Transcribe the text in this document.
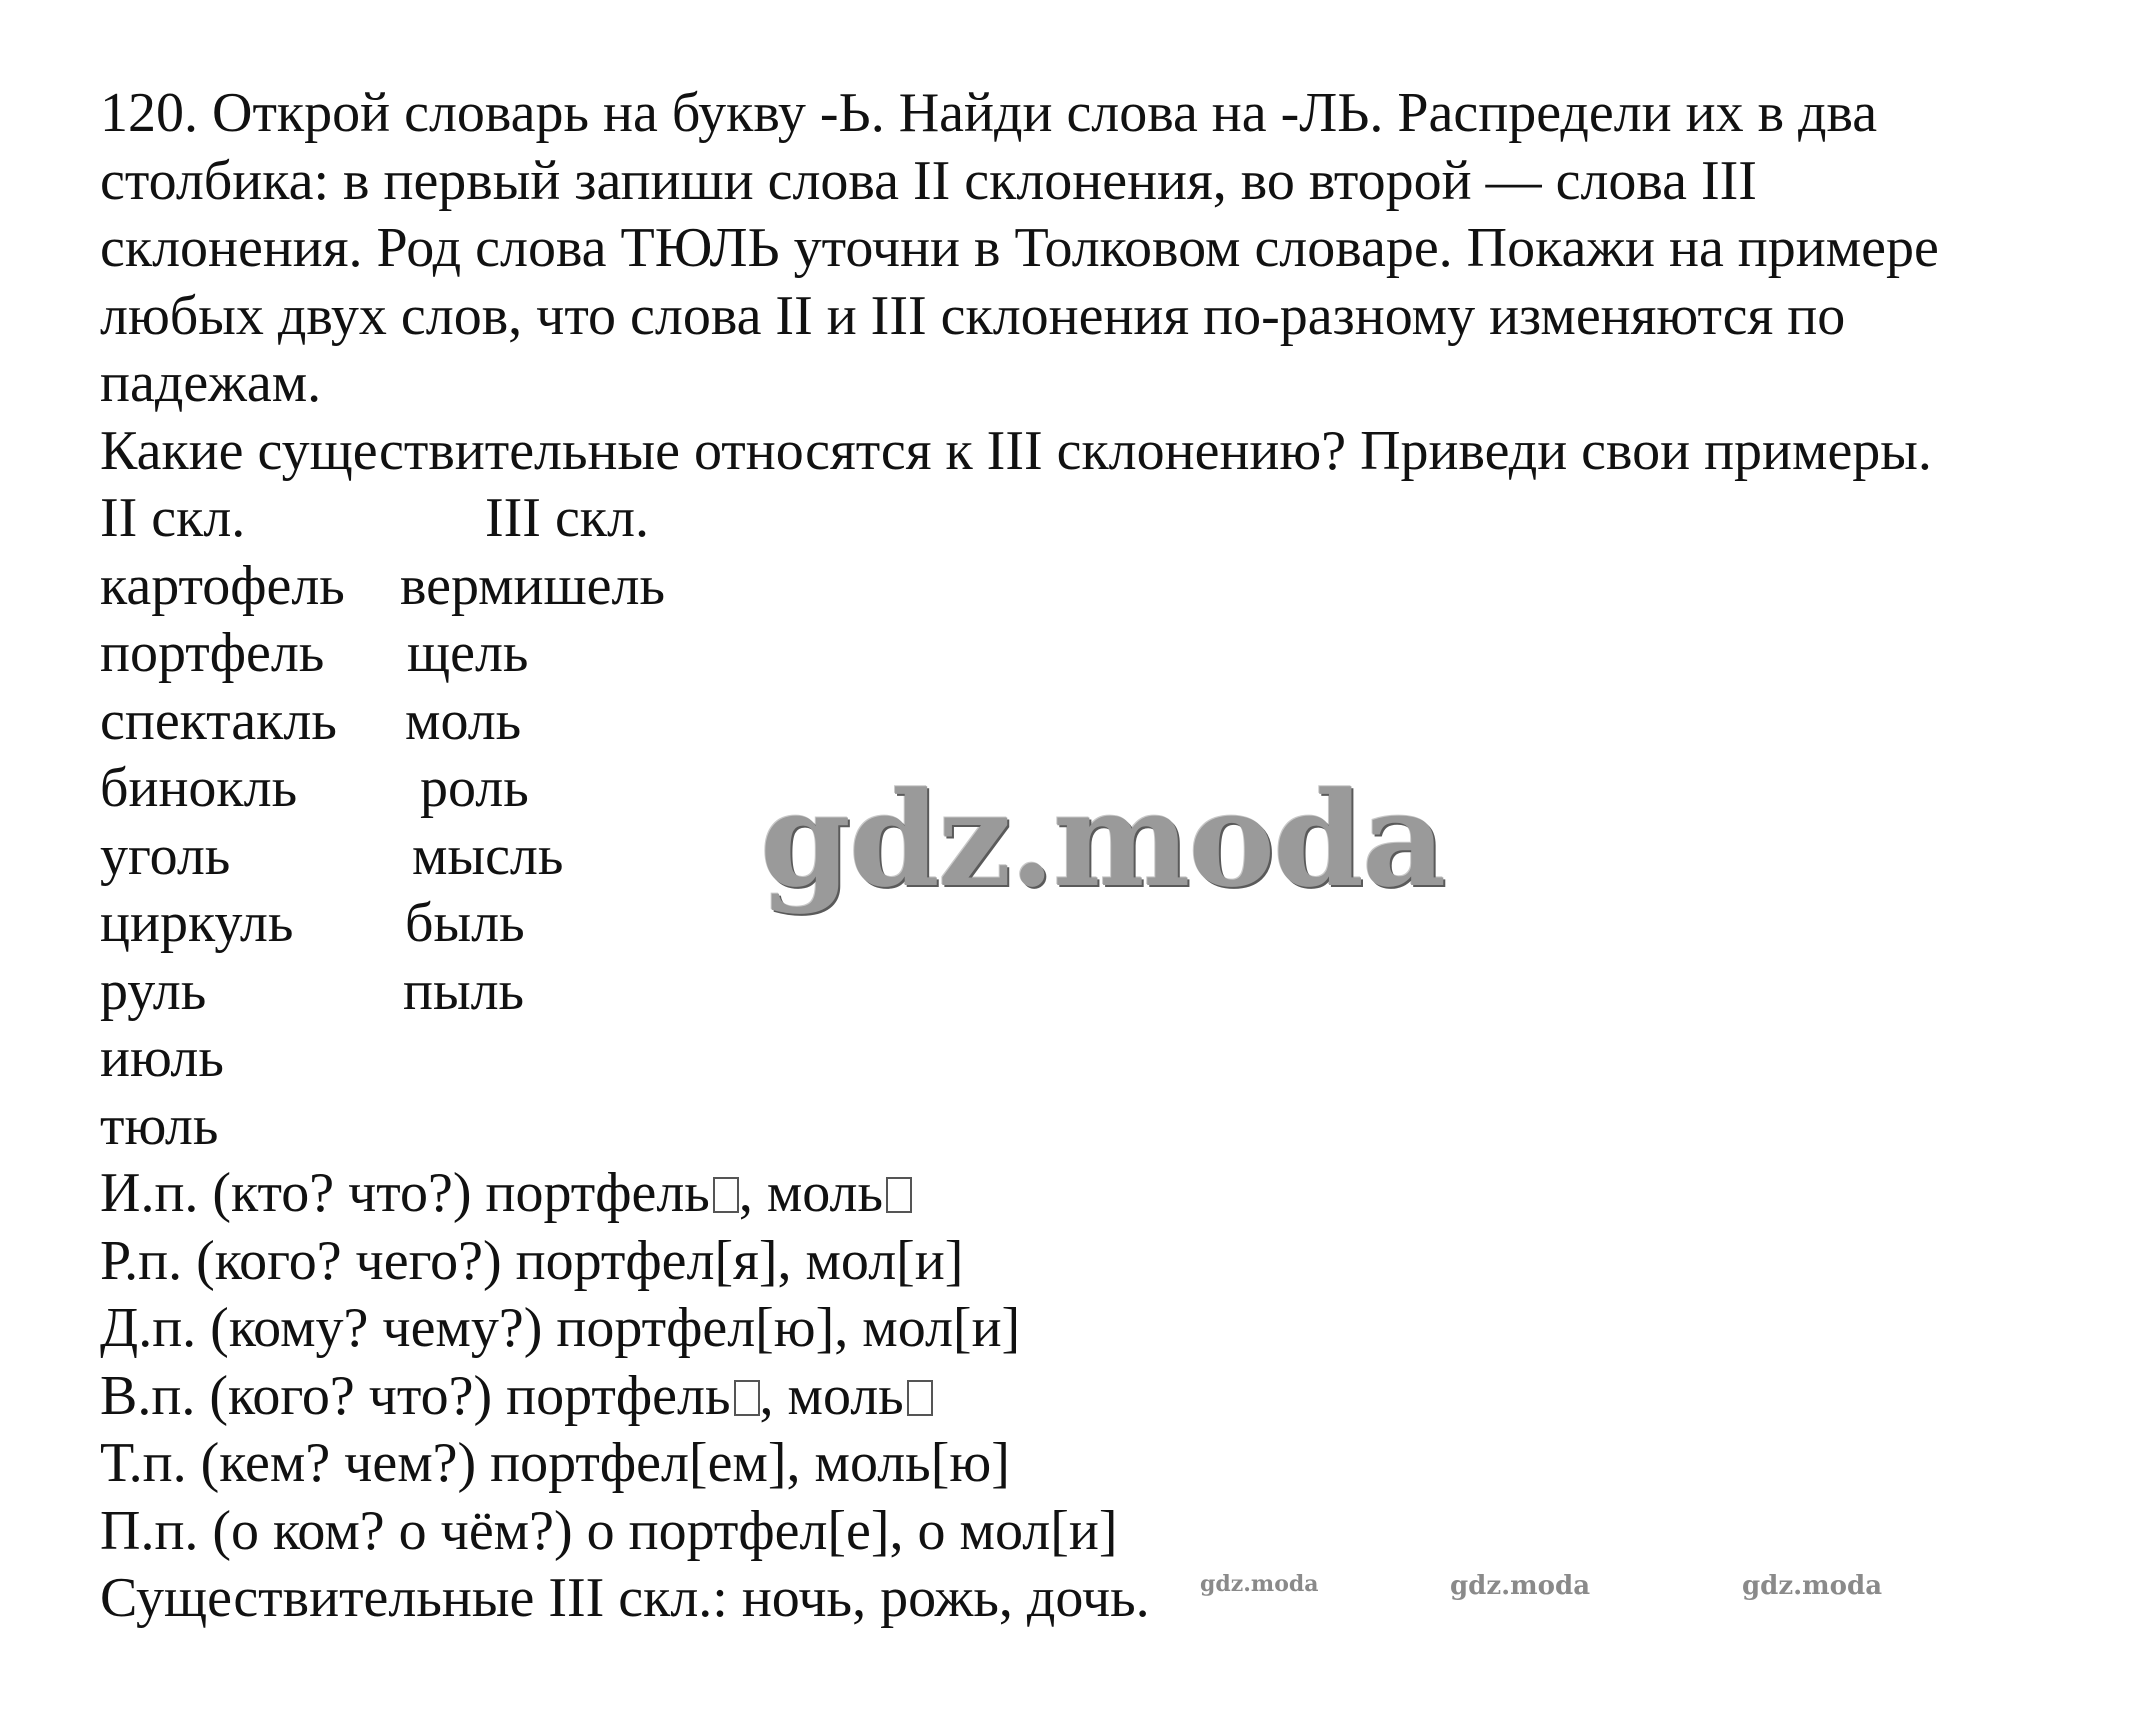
120. Открой словарь на букву -Ь. Найди слова на -ЛЬ. Распредели их в два
столбика: в первый запиши слова II склонения, во второй — слова III
склонения. Род слова ТЮЛЬ уточни в Толковом словаре. Покажи на примере
любых двух слов, что слова II и III склонения по-разному изменяются по
падежам.
Какие существительные относятся к III склонению? Приведи свои примеры.
II скл.	III скл.
картофель вермишель
портфель щель
спектакль моль
бинокль роль
уголь	мысль
циркуль быль
руль	пыль
июль
тюль
И.п. (кто? что?) портфель , моль
Р.п. (кого? чего?) портфел[я], мол[и]
Д.п. (кому? чему?) портфел[ю], мол[и]
В.п. (кого? что?) портфель , моль
Т.п. (кем? чем?) портфел[ем], моль[ю]
П.п. (о ком? о чём?) о портфел[е], о мол[и]
Существительные III скл.: ночь, рожь, дочь.
gdz.moda
gdz.moda	gdz.moda	gdz.moda
